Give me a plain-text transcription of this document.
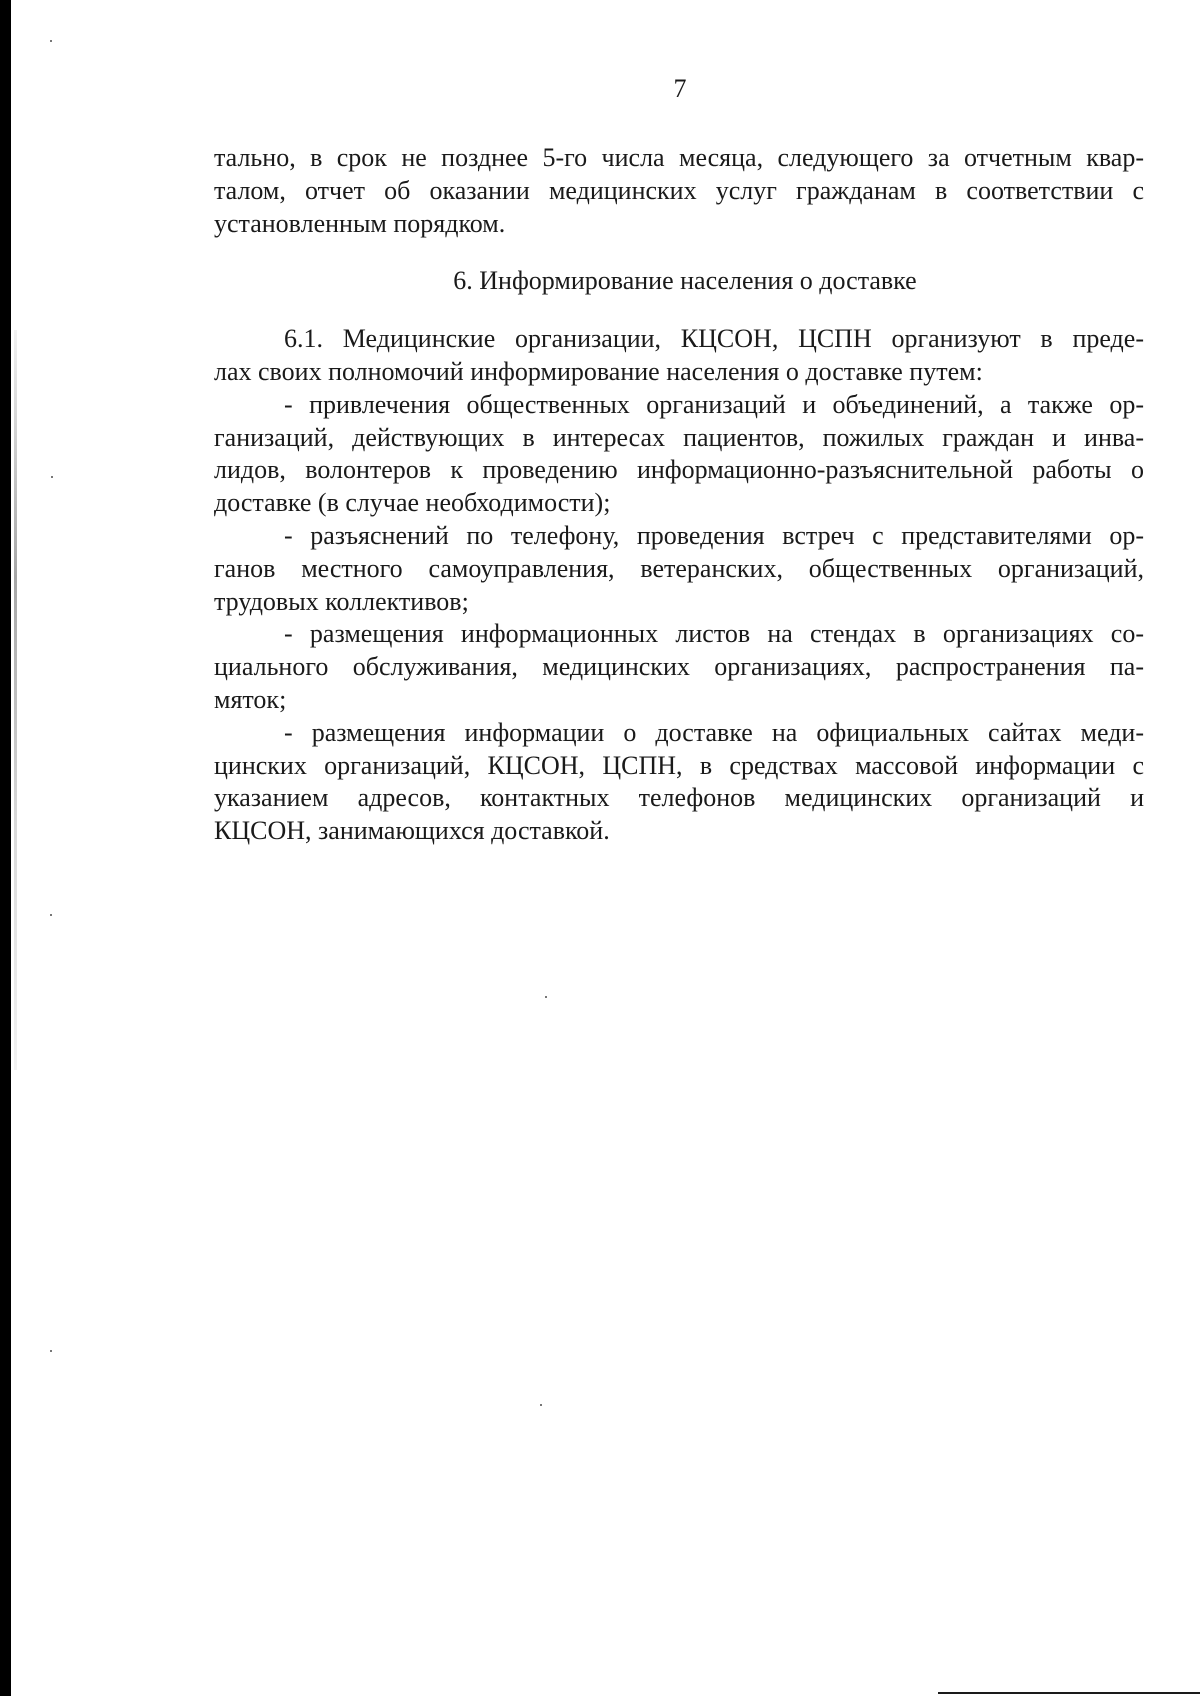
7
тально, в срок не позднее 5-го числа месяца, следующего за отчетным квар-
талом, отчет об оказании медицинских услуг гражданам в соответствии с
установленным порядком.
6. Информирование населения о доставке
6.1. Медицинские организации, КЦСОН, ЦСПН организуют в преде-
лах своих полномочий информирование населения о доставке путем:
- привлечения общественных организаций и объединений, а также ор-
ганизаций, действующих в интересах пациентов, пожилых граждан и инва-
лидов, волонтеров к проведению информационно-разъяснительной работы о
доставке (в случае необходимости);
- разъяснений по телефону, проведения встреч с представителями ор-
ганов местного самоуправления, ветеранских, общественных организаций,
трудовых коллективов;
- размещения информационных листов на стендах в организациях со-
циального обслуживания, медицинских организациях, распространения па-
мяток;
- размещения информации о доставке на официальных сайтах меди-
цинских организаций, КЦСОН, ЦСПН, в средствах массовой информации с
указанием адресов, контактных телефонов медицинских организаций и
КЦСОН, занимающихся доставкой.
